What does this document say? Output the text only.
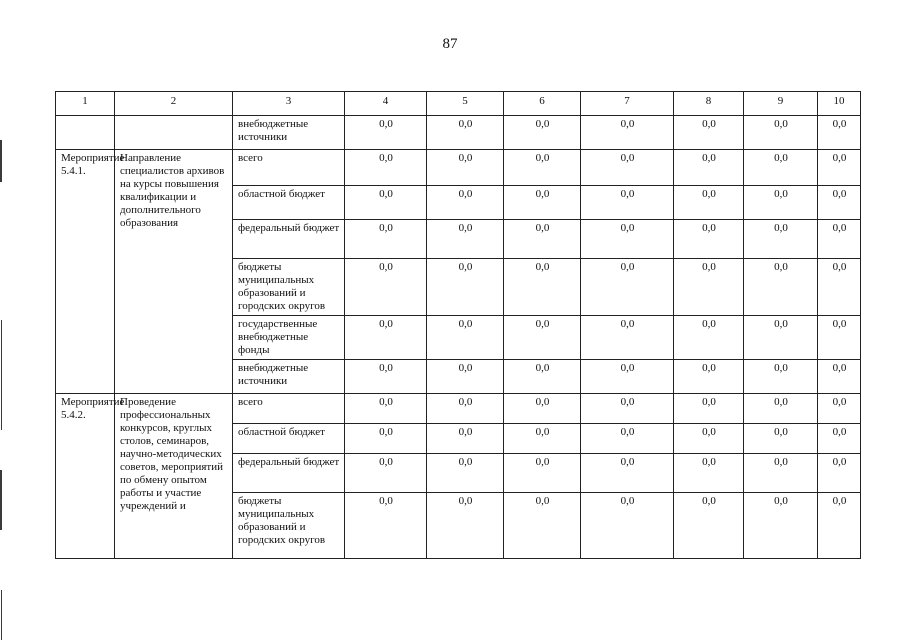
87
1	2	3	4	5	6	7	8	9	10
		внебюджетные источники	0,0	0,0	0,0	0,0	0,0	0,0	0,0
Мероприятие 5.4.1.	Направление специалистов архивов на курсы повышения квалификации и дополнительного образования	всего	0,0	0,0	0,0	0,0	0,0	0,0	0,0
		областной бюджет	0,0	0,0	0,0	0,0	0,0	0,0	0,0
		федеральный бюджет	0,0	0,0	0,0	0,0	0,0	0,0	0,0
		бюджеты муниципальных образований и городских округов	0,0	0,0	0,0	0,0	0,0	0,0	0,0
		государственные внебюджетные фонды	0,0	0,0	0,0	0,0	0,0	0,0	0,0
		внебюджетные источники	0,0	0,0	0,0	0,0	0,0	0,0	0,0
Мероприятие 5.4.2.	Проведение профессиональных конкурсов, круглых столов, семинаров, научно-методических советов, мероприятий по обмену опытом работы и участие учреждений и	всего	0,0	0,0	0,0	0,0	0,0	0,0	0,0
		областной бюджет	0,0	0,0	0,0	0,0	0,0	0,0	0,0
		федеральный бюджет	0,0	0,0	0,0	0,0	0,0	0,0	0,0
		бюджеты муниципальных образований и городских округов	0,0	0,0	0,0	0,0	0,0	0,0	0,0
